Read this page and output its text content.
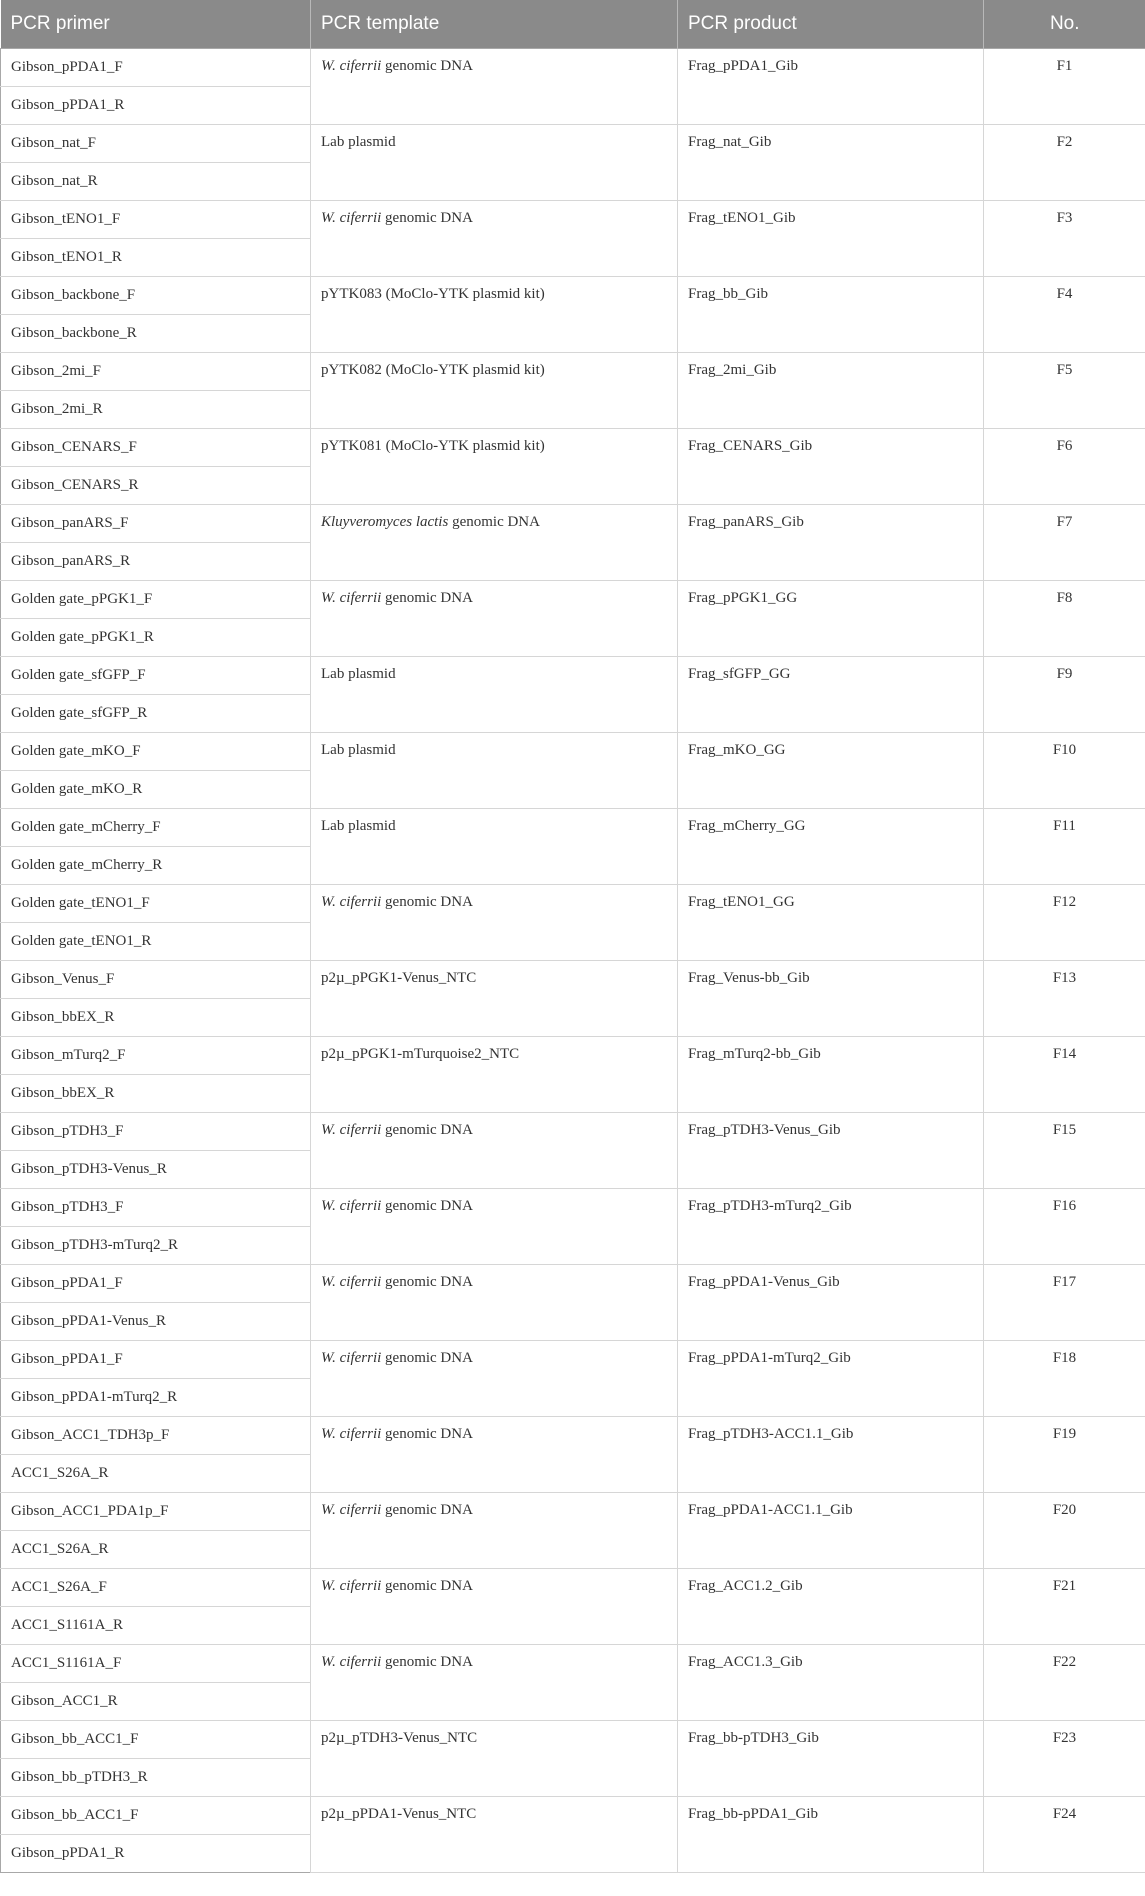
PCR primer	PCR template	PCR product	No.
Gibson_pPDA1_F	W. ciferrii genomic DNA	Frag_pPDA1_Gib	F1
Gibson_pPDA1_R			
Gibson_nat_F	Lab plasmid	Frag_nat_Gib	F2
Gibson_nat_R			
Gibson_tENO1_F	W. ciferrii genomic DNA	Frag_tENO1_Gib	F3
Gibson_tENO1_R			
Gibson_backbone_F	pYTK083 (MoClo-YTK plasmid kit)	Frag_bb_Gib	F4
Gibson_backbone_R			
Gibson_2mi_F	pYTK082 (MoClo-YTK plasmid kit)	Frag_2mi_Gib	F5
Gibson_2mi_R			
Gibson_CENARS_F	pYTK081 (MoClo-YTK plasmid kit)	Frag_CENARS_Gib	F6
Gibson_CENARS_R			
Gibson_panARS_F	Kluyveromyces lactis genomic DNA	Frag_panARS_Gib	F7
Gibson_panARS_R			
Golden gate_pPGK1_F	W. ciferrii genomic DNA	Frag_pPGK1_GG	F8
Golden gate_pPGK1_R			
Golden gate_sfGFP_F	Lab plasmid	Frag_sfGFP_GG	F9
Golden gate_sfGFP_R			
Golden gate_mKO_F	Lab plasmid	Frag_mKO_GG	F10
Golden gate_mKO_R			
Golden gate_mCherry_F	Lab plasmid	Frag_mCherry_GG	F11
Golden gate_mCherry_R			
Golden gate_tENO1_F	W. ciferrii genomic DNA	Frag_tENO1_GG	F12
Golden gate_tENO1_R			
Gibson_Venus_F	p2µ_pPGK1-Venus_NTC	Frag_Venus-bb_Gib	F13
Gibson_bbEX_R			
Gibson_mTurq2_F	p2µ_pPGK1-mTurquoise2_NTC	Frag_mTurq2-bb_Gib	F14
Gibson_bbEX_R			
Gibson_pTDH3_F	W. ciferrii genomic DNA	Frag_pTDH3-Venus_Gib	F15
Gibson_pTDH3-Venus_R			
Gibson_pTDH3_F	W. ciferrii genomic DNA	Frag_pTDH3-mTurq2_Gib	F16
Gibson_pTDH3-mTurq2_R			
Gibson_pPDA1_F	W. ciferrii genomic DNA	Frag_pPDA1-Venus_Gib	F17
Gibson_pPDA1-Venus_R			
Gibson_pPDA1_F	W. ciferrii genomic DNA	Frag_pPDA1-mTurq2_Gib	F18
Gibson_pPDA1-mTurq2_R			
Gibson_ACC1_TDH3p_F	W. ciferrii genomic DNA	Frag_pTDH3-ACC1.1_Gib	F19
ACC1_S26A_R			
Gibson_ACC1_PDA1p_F	W. ciferrii genomic DNA	Frag_pPDA1-ACC1.1_Gib	F20
ACC1_S26A_R			
ACC1_S26A_F	W. ciferrii genomic DNA	Frag_ACC1.2_Gib	F21
ACC1_S1161A_R			
ACC1_S1161A_F	W. ciferrii genomic DNA	Frag_ACC1.3_Gib	F22
Gibson_ACC1_R			
Gibson_bb_ACC1_F	p2µ_pTDH3-Venus_NTC	Frag_bb-pTDH3_Gib	F23
Gibson_bb_pTDH3_R			
Gibson_bb_ACC1_F	p2µ_pPDA1-Venus_NTC	Frag_bb-pPDA1_Gib	F24
Gibson_pPDA1_R			
